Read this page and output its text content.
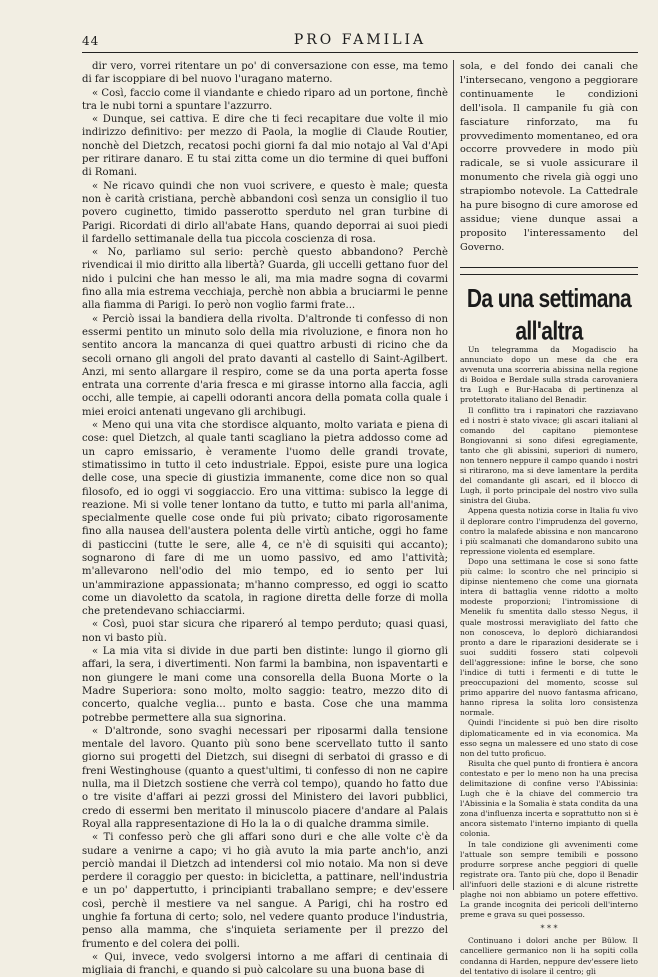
44	PRO FAMILIA

dir vero, vorrei ritentare un po' di conversazione con esse, ma temo di far iscoppiare di bel nuovo l'uragano materno.

« Così, faccio come il viandante e chiedo riparo ad un portone, finchè tra le nubi torni a spuntare l'azzurro.

« Dunque, sei cattiva. E dire che ti feci recapitare due volte il mio indirizzo definitivo: per mezzo di Paola, la moglie di Claude Routier, nonchè del Dietzch, recatosi pochi giorni fa dal mio notajo al Val d'Api per ritirare danaro. E tu stai zitta come un dio termine di quei buffoni di Romani.

« Ne ricavo quindi che non vuoi scrivere, e questo è male; questa non è carità cristiana, perchè abbandoni così senza un consiglio il tuo povero cuginetto, timido passerotto sperduto nel gran turbine di Parigi. Ricordati di dirlo all'abate Hans, quando deporrai ai suoi piedi il fardello settimanale della tua piccola coscienza di rosa.

« No, parliamo sul serio: perchè questo abbandono? Perchè rivendicai il mio diritto alla libertà? Guarda, gli uccelli gettano fuor del nido i pulcini che han messo le ali, ma mia madre sogna di covarmi fino alla mia estrema vecchiaja, perchè non abbia a bruciarmi le penne alla fiamma di Parigi. Io però non voglio farmi frate...

« Perciò issai la bandiera della rivolta. D'altronde ti confesso di non essermi pentito un minuto solo della mia rivoluzione, e finora non ho sentito ancora la mancanza di quei quattro arbusti di ricino che da secoli ornano gli angoli del prato davanti al castello di Saint-Agilbert. Anzi, mi sento allargare il respiro, come se da una porta aperta fosse entrata una corrente d'aria fresca e mi girasse intorno alla faccia, agli occhi, alle tempie, ai capelli odoranti ancora della pomata colla quale i miei eroici antenati ungevano gli archibugi.

« Meno qui una vita che stordisce alquanto, molto variata e piena di cose: quel Dietzch, al quale tanti scagliano la pietra addosso come ad un capro emissario, è veramente l'uomo delle grandi trovate, stimatissimo in tutto il ceto industriale. Eppoi, esiste pure una logica delle cose, una specie di giustizia immanente, come dice non so qual filosofo, ed io oggi vi soggiaccio. Ero una vittima: subisco la legge di reazione. Mi si volle tener lontano da tutto, e tutto mi parla all'anima, specialmente quelle cose onde fui più privato; cibato rigorosamente fino alla nausea dell'austera polenta delle virtù antiche, oggi ho fame di pasticcini (tutte le sere, alle 4, ce n'è di squisiti qui accanto); sognarono di fare di me un uomo passivo, ed amo l'attività; m'allevarono nell'odio del mio tempo, ed io sento per lui un'ammirazione appassionata; m'hanno compresso, ed oggi io scatto come un diavoletto da scatola, in ragione diretta delle forze di molla che pretendevano schiacciarmi.

« Così, puoi star sicura che ripareró al tempo perduto; quasi quasi, non vi basto più.

« La mia vita si divide in due parti ben distinte: lungo il giorno gli affari, la sera, i divertimenti. Non farmi la bambina, non ispaventarti e non giungere le mani come una consorella della Buona Morte o la Madre Superiora: sono molto, molto saggio: teatro, mezzo dito di concerto, qualche veglia... punto e basta. Cose che una mamma potrebbe permettere alla sua signorina.

« D'altronde, sono svaghi necessari per riposarmi dalla tensione mentale del lavoro. Quanto più sono bene scervellato tutto il santo giorno sui progetti del Dietzch, sui disegni di serbatoi di grasso e di freni Westinghouse (quanto a quest'ultimi, ti confesso di non ne capire nulla, ma il Dietzch sostiene che verrà col tempo), quando ho fatto due o tre visite d'affari ai pezzi grossi del Ministero dei lavori pubblici, credo di essermi ben meritato il minuscolo piacere d'andare al Palais Royal alla rappresentazione di Ho la la o di qualche dramma simile.

« Ti confesso però che gli affari sono duri e che alle volte c'è da sudare a venirne a capo; vi ho già avuto la mia parte anch'io, anzi perciò mandai il Dietzch ad intendersi col mio notaio. Ma non si deve perdere il coraggio per questo: in bicicletta, a pattinare, nell'industria e un po' dappertutto, i principianti traballano sempre; e dev'essere così, perchè il mestiere va nel sangue. A Parigi, chi ha rostro ed unghie fa fortuna di certo; solo, nel vedere quanto produce l'industria, penso alla mamma, che s'inquieta seriamente per il prezzo del frumento e del colera dei polli.

« Qui, invece, vedo svolgersi intorno a me affari di centinaia di migliaia di franchi, e quando si può calcolare su una buona base di

sola, e del fondo dei canali che l'intersecano, vengono a peggiorare continuamente le condizioni dell'isola. Il campanile fu già con fasciature rinforzato, ma fu provvedimento momentaneo, ed ora occorre provvedere in modo più radicale, se si vuole assicurare il monumento che rivela già oggi uno strapiombo notevole. La Cattedrale ha pure bisogno di cure amorose ed assidue; viene dunque assai a proposito l'interessamento del Governo.

Da una settimana all'altra

Un telegramma da Mogadiscio ha annunciato dopo un mese da che era avvenuta una scorreria abissina nella regione di Boidoa e Berdale sulla strada carovaniera tra Lugh e Bur-Hacaba di pertinenza al protettorato italiano del Benadir.

Il conflitto tra i rapinatori che razziavano ed i nostri è stato vivace; gli ascari italiani al comando del capitano piemontese Bongiovanni si sono difesi egregiamente, tanto che gli abissini, superiori di numero, non tennero neppure il campo quando i nostri si ritirarono, ma si deve lamentare la perdita del comandante gli ascari, ed il blocco di Lugh, il porto principale del nostro vivo sulla sinistra del Giuba.

Appena questa notizia corse in Italia fu vivo il deplorare contro l'imprudenza del governo, contro la malafede abissina e non mancarono i più scalmanati che domandarono subito una repressione violenta ed esemplare.

Dopo una settimana le cose si sono fatte più calme: lo scontro che nel principio si dipinse nientemeno che come una giornata intera di battaglia venne ridotto a molto modeste proporzioni; l'intromissione di Menelik fu smentita dallo stesso Negus, il quale mostrossi meravigliato del fatto che non conosceva, lo deplorò dichiarandosi pronto a dare le riparazioni desiderate se i suoi sudditi fossero stati colpevoli dell'aggressione: infine le borse, che sono l'indice di tutti i fermenti e di tutte le preoccupazioni del momento, scosse sul primo apparire del nuovo fantasma africano, hanno ripresa la solita loro consistenza normale.

Quindi l'incidente si può ben dire risolto diplomaticamente ed in via economica. Ma esso segna un malessere ed uno stato di cose non del tutto proficuo.

Risulta che quel punto di frontiera è ancora contestato e per lo meno non ha una precisa delimitazione di confine verso l'Abissinia: Lugh che è la chiave del commercio tra l'Abissinia e la Somalia è stata condita da una zona d'influenza incerta e soprattutto non si è ancora sistemato l'interno impianto di quella colonia.

In tale condizione gli avvenimenti come l'attuale son sempre temibili e possono produrre sorprese anche peggiori di quelle registrate ora. Tanto più che, dopo il Benadir all'infuori delle stazioni e di alcune ristrette plaghe noi non abbiamo un potere effettivo. La grande incognita dei pericoli dell'interno preme e grava su quei possesso.

* * *

Continuano i dolori anche per Bülow. Il cancelliere germanico non li ha sopiti colla condanna di Harden, neppure dev'essere lieto del tentativo di isolare il centro; gli
